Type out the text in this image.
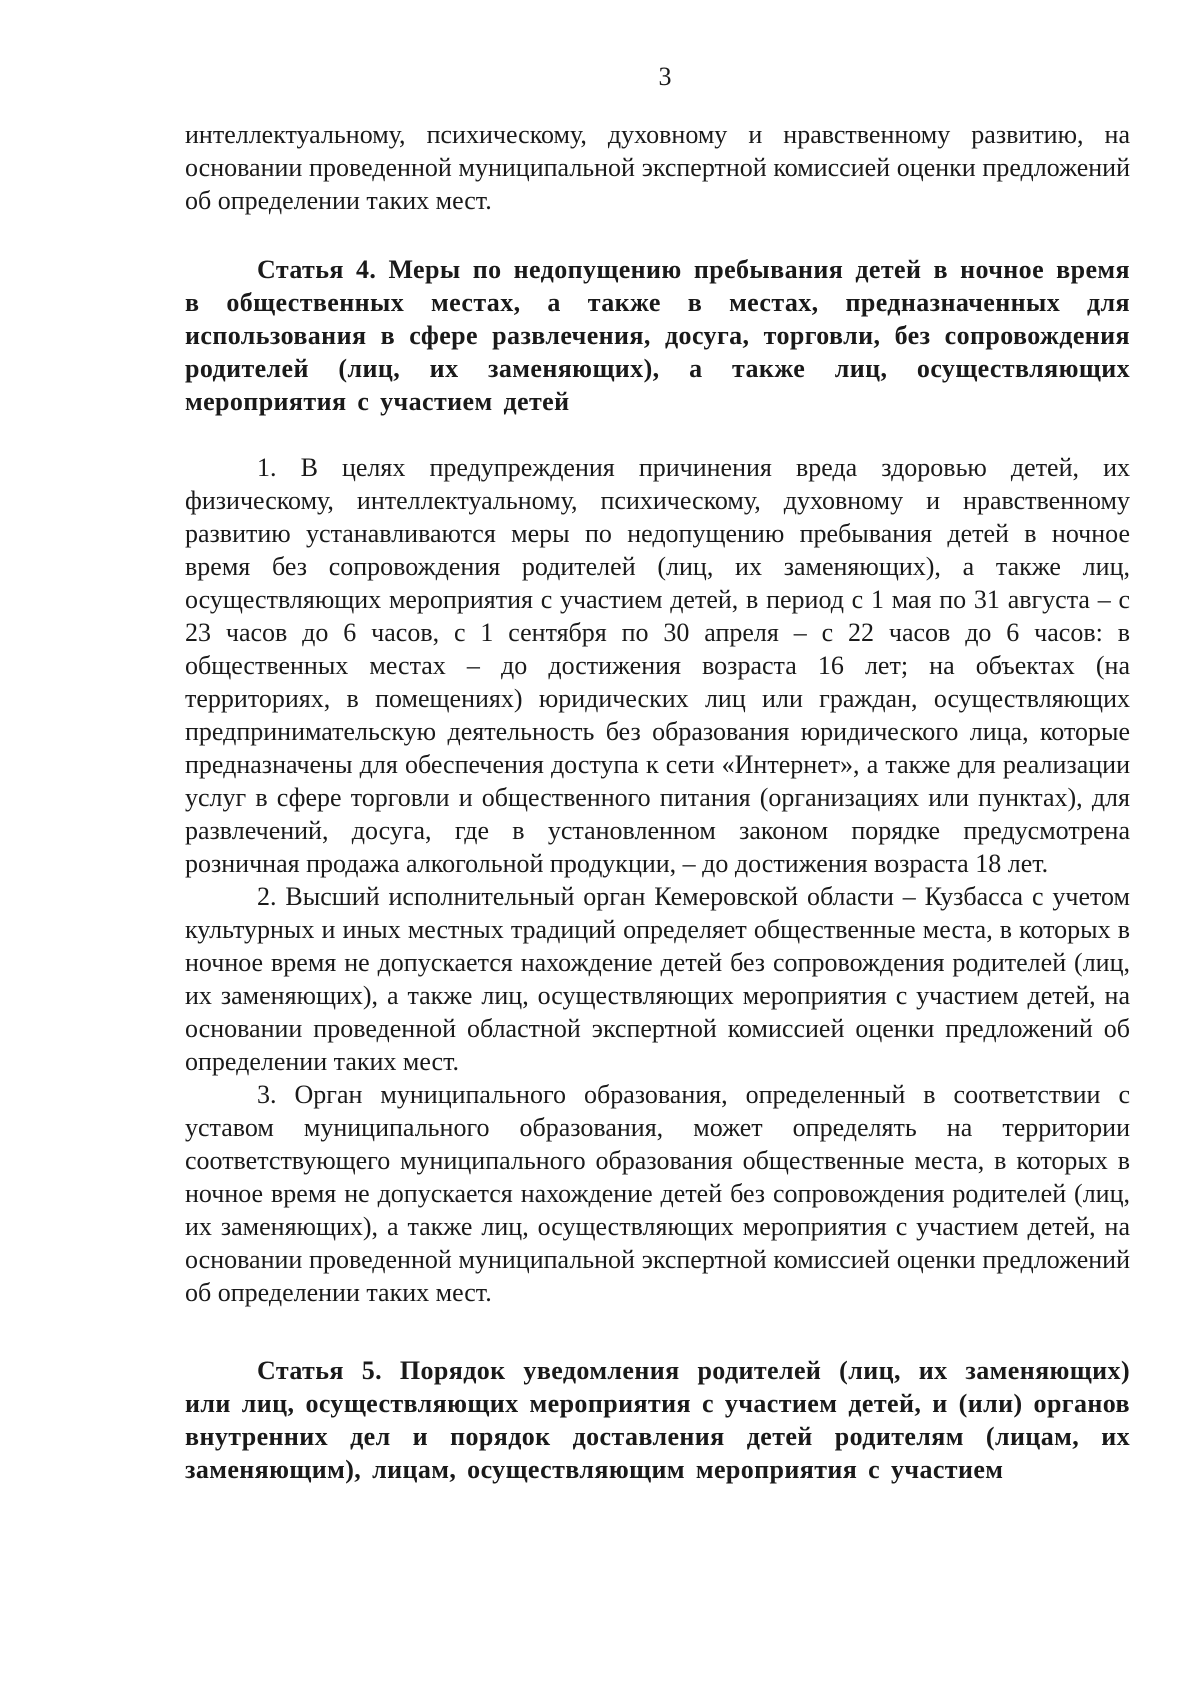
3

интеллектуальному, психическому, духовному и нравственному развитию, на основании проведенной муниципальной экспертной комиссией оценки предложений об определении таких мест.

Статья 4. Меры по недопущению пребывания детей в ночное время в общественных местах, а также в местах, предназначенных для использования в сфере развлечения, досуга, торговли, без сопровождения родителей (лиц, их заменяющих), а также лиц, осуществляющих мероприятия с участием детей

1. В целях предупреждения причинения вреда здоровью детей, их физическому, интеллектуальному, психическому, духовному и нравственному развитию устанавливаются меры по недопущению пребывания детей в ночное время без сопровождения родителей (лиц, их заменяющих), а также лиц, осуществляющих мероприятия с участием детей, в период с 1 мая по 31 августа – с 23 часов до 6 часов, с 1 сентября по 30 апреля – с 22 часов до 6 часов: в общественных местах – до достижения возраста 16 лет; на объектах (на территориях, в помещениях) юридических лиц или граждан, осуществляющих предпринимательскую деятельность без образования юридического лица, которые предназначены для обеспечения доступа к сети «Интернет», а также для реализации услуг в сфере торговли и общественного питания (организациях или пунктах), для развлечений, досуга, где в установленном законом порядке предусмотрена розничная продажа алкогольной продукции, – до достижения возраста 18 лет.

2. Высший исполнительный орган Кемеровской области – Кузбасса с учетом культурных и иных местных традиций определяет общественные места, в которых в ночное время не допускается нахождение детей без сопровождения родителей (лиц, их заменяющих), а также лиц, осуществляющих мероприятия с участием детей, на основании проведенной областной экспертной комиссией оценки предложений об определении таких мест.

3. Орган муниципального образования, определенный в соответствии с уставом муниципального образования, может определять на территории соответствующего муниципального образования общественные места, в которых в ночное время не допускается нахождение детей без сопровождения родителей (лиц, их заменяющих), а также лиц, осуществляющих мероприятия с участием детей, на основании проведенной муниципальной экспертной комиссией оценки предложений об определении таких мест.

Статья 5. Порядок уведомления родителей (лиц, их заменяющих) или лиц, осуществляющих мероприятия с участием детей, и (или) органов внутренних дел и порядок доставления детей родителям (лицам, их заменяющим), лицам, осуществляющим мероприятия с участием
